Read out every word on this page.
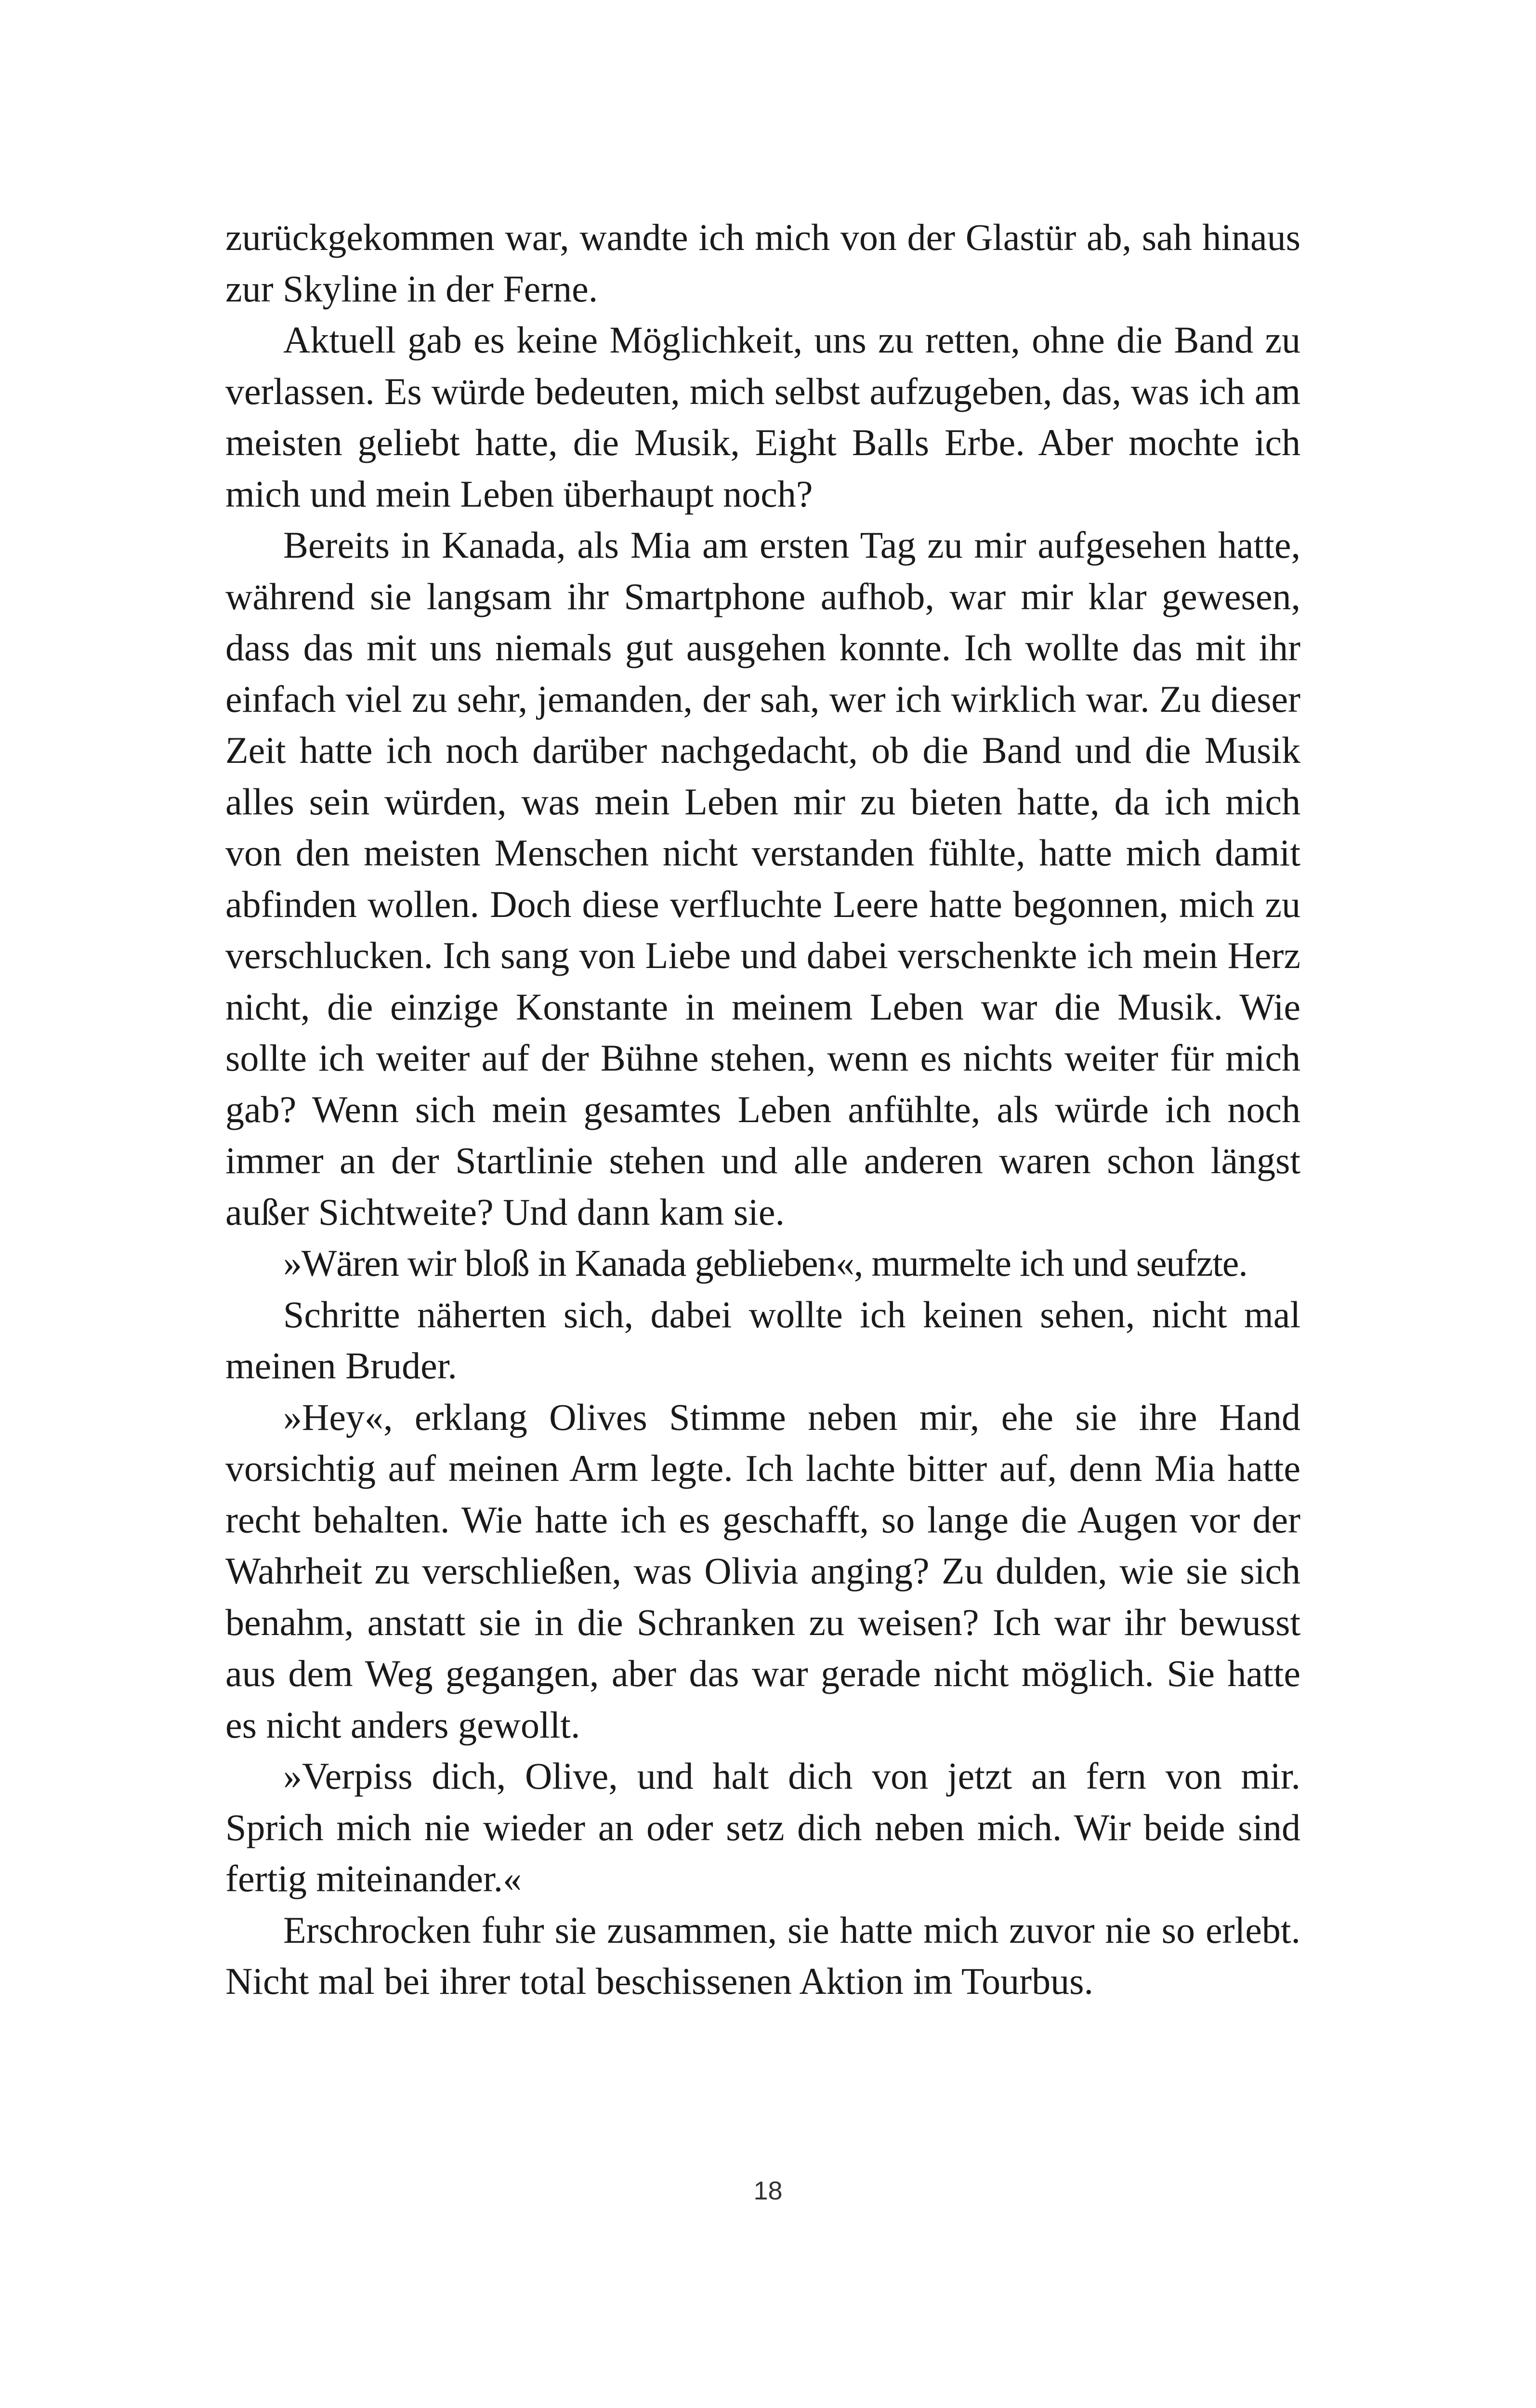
zurückgekommen war, wandte ich mich von der Glastür ab, sah hinaus zur Skyline in der Ferne.

Aktuell gab es keine Möglichkeit, uns zu retten, ohne die Band zu verlassen. Es würde bedeuten, mich selbst aufzugeben, das, was ich am meisten geliebt hatte, die Musik, Eight Balls Erbe. Aber mochte ich mich und mein Leben überhaupt noch?

Bereits in Kanada, als Mia am ersten Tag zu mir aufgesehen hatte, während sie langsam ihr Smartphone aufhob, war mir klar gewesen, dass das mit uns niemals gut ausgehen konnte. Ich wollte das mit ihr einfach viel zu sehr, jemanden, der sah, wer ich wirklich war. Zu dieser Zeit hatte ich noch darüber nachgedacht, ob die Band und die Musik alles sein würden, was mein Leben mir zu bieten hatte, da ich mich von den meisten Menschen nicht verstanden fühlte, hatte mich damit abfinden wollen. Doch diese verfluchte Leere hatte begonnen, mich zu verschlucken. Ich sang von Liebe und dabei verschenkte ich mein Herz nicht, die einzige Konstante in meinem Leben war die Musik. Wie sollte ich weiter auf der Bühne stehen, wenn es nichts weiter für mich gab? Wenn sich mein gesamtes Leben anfühlte, als würde ich noch immer an der Startlinie stehen und alle anderen waren schon längst außer Sichtweite? Und dann kam sie.

»Wären wir bloß in Kanada geblieben«, murmelte ich und seufzte.

Schritte näherten sich, dabei wollte ich keinen sehen, nicht mal meinen Bruder.

»Hey«, erklang Olives Stimme neben mir, ehe sie ihre Hand vorsichtig auf meinen Arm legte. Ich lachte bitter auf, denn Mia hatte recht behalten. Wie hatte ich es geschafft, so lange die Augen vor der Wahrheit zu verschließen, was Olivia anging? Zu dulden, wie sie sich benahm, anstatt sie in die Schranken zu weisen? Ich war ihr bewusst aus dem Weg gegangen, aber das war gerade nicht möglich. Sie hatte es nicht anders gewollt.

»Verpiss dich, Olive, und halt dich von jetzt an fern von mir. Sprich mich nie wieder an oder setz dich neben mich. Wir beide sind fertig miteinander.«

Erschrocken fuhr sie zusammen, sie hatte mich zuvor nie so erlebt. Nicht mal bei ihrer total beschissenen Aktion im Tourbus.

18
